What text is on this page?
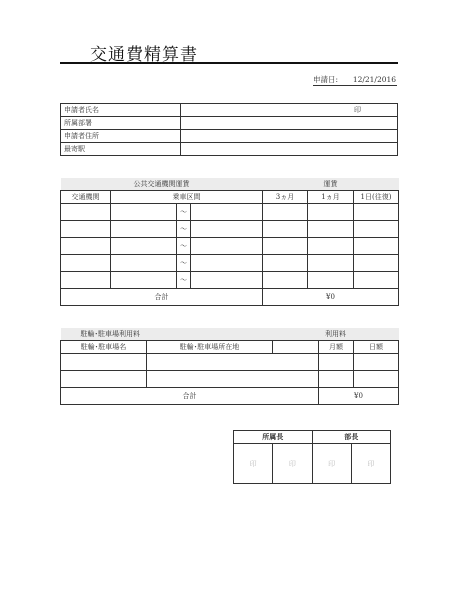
交通費精算書
申請日: 12/21/2016
申請者氏名	印
所属部署	
申請者住所	
最寄駅	
公共交通機関運賃				運賃		
交通機関	乗車区間			3ヵ月	1ヵ月	1日(往復)
		～				
		～				
		～				
		～				
		～				
合計				¥0		
駐輪･駐車場利用料		利用料		
駐輪･駐車場名	駐輪･駐車場所在地		月額	日額

合計			¥0	
所属長		部長	
印	印	印	印
